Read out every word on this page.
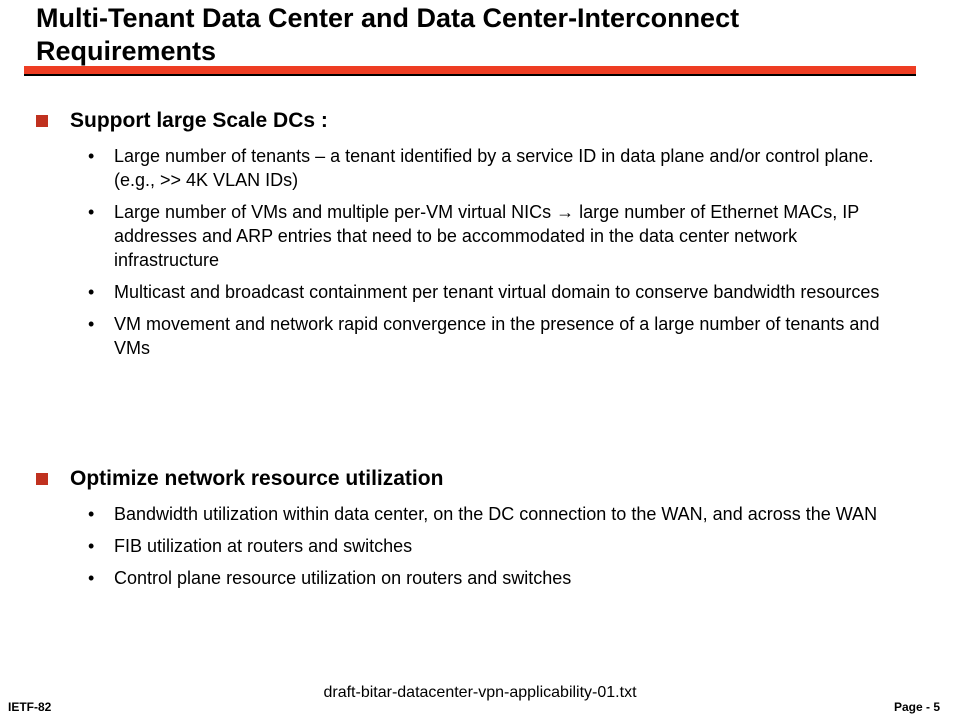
Multi-Tenant Data Center and Data Center-Interconnect Requirements
Support large Scale DCs :
• Large number of tenants – a tenant identified by a service ID in data plane and/or control plane.(e.g., >> 4K VLAN IDs)
• Large number of VMs and multiple per-VM virtual NICs → large number of Ethernet MACs, IP addresses and ARP entries that need to be accommodated in the data center network infrastructure
• Multicast and broadcast containment per tenant virtual domain to conserve bandwidth resources
• VM movement and network rapid convergence in the presence of a large number of tenants and VMs
Optimize network resource utilization
• Bandwidth utilization within data center, on the DC connection to the WAN, and across the WAN
• FIB utilization at routers and switches
• Control plane resource utilization on routers and switches
IETF-82
draft-bitar-datacenter-vpn-applicability-01.txt
Page - 5
